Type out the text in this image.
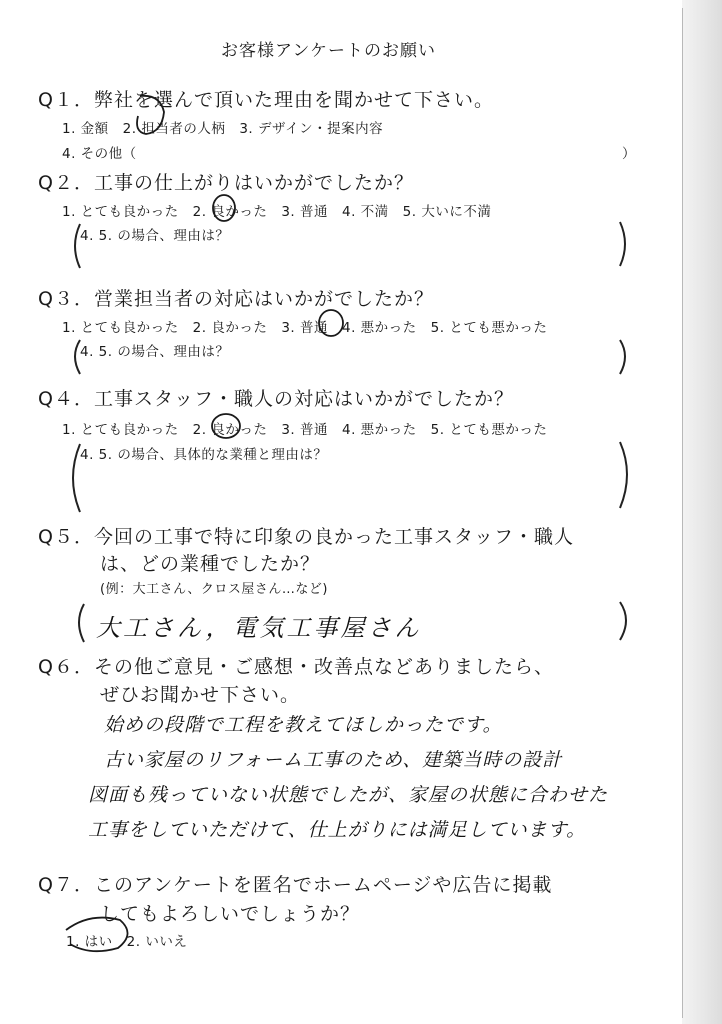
お客様アンケートのお願い
Q１．弊社を選んで頂いた理由を聞かせて下さい。
1. 金額　2. 担当者の人柄　3. デザイン・提案内容
4. その他（	）
Q２．工事の仕上がりはいかがでしたか？
1. とても良かった　2. 良かった　3. 普通　4. 不満　5. 大いに不満
4. 5. の場合、理由は？
Q３．営業担当者の対応はいかがでしたか？
1. とても良かった　2. 良かった　3. 普通　4. 悪かった　5. とても悪かった
4. 5. の場合、理由は？
Q４．工事スタッフ・職人の対応はいかがでしたか？
1. とても良かった　2. 良かった　3. 普通　4. 悪かった　5. とても悪かった
4. 5. の場合、具体的な業種と理由は？
Q５．今回の工事で特に印象の良かった工事スタッフ・職人
は、どの業種でしたか？
(例：大工さん、クロス屋さん…など)
大工さん，電気工事屋さん
Q６．その他ご意見・ご感想・改善点などありましたら、
ぜひお聞かせ下さい。
始めの段階で工程を教えてほしかったです。
古い家屋のリフォーム工事のため、建築当時の設計
図面も残っていない状態でしたが、家屋の状態に合わせた
工事をしていただけて、仕上がりには満足しています。
Q７．このアンケートを匿名でホームページや広告に掲載
してもよろしいでしょうか？
1. はい　2. いいえ
